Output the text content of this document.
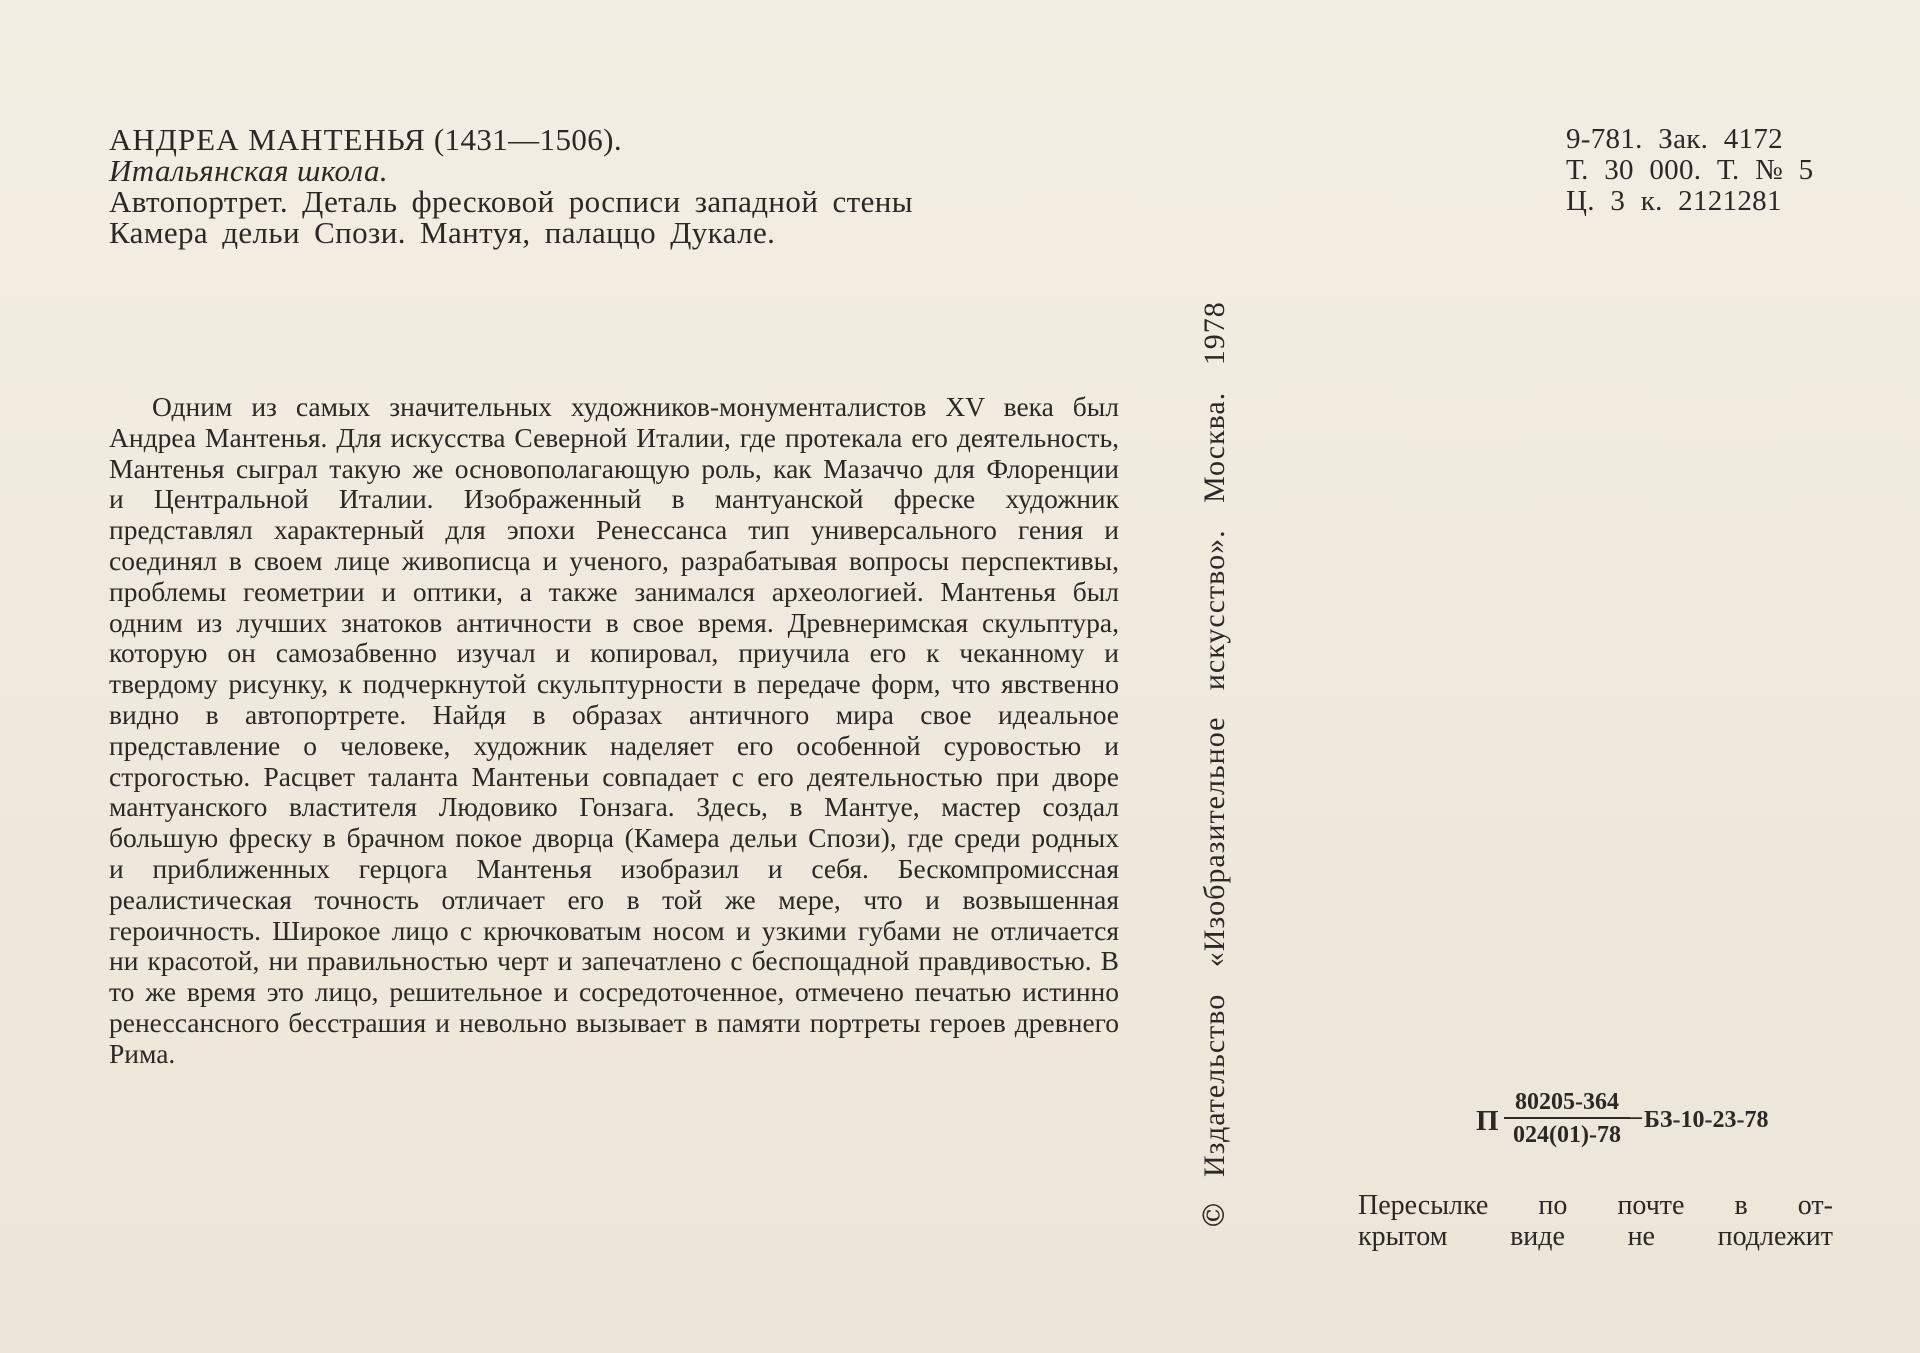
АНДРЕА МАНТЕНЬЯ (1431—1506).
Итальянская школа.
Автопортрет. Деталь фресковой росписи западной стены
Камера дельи Спози. Мантуя, палаццо Дукале.
9-781. Зак. 4172
Т. 30 000. Т. № 5
Ц. 3 к. 2121281
Одним из самых значительных художников-монументалистов XV века был Андреа Мантенья. Для искусства Северной Италии, где протекала его деятельность, Мантенья сыграл такую же основополагающую роль, как Мазаччо для Флоренции и Центральной Италии. Изображенный в мантуанской фреске художник представлял характерный для эпохи Ренессанса тип универсального гения и соединял в своем лице живописца и ученого, разрабатывая вопросы перспективы, проблемы геометрии и оптики, а также занимался археологией. Мантенья был одним из лучших знатоков античности в свое время. Древнеримская скульптура, которую он самозабвенно изучал и копировал, приучила его к чеканному и твердому рисунку, к подчеркнутой скульптурности в передаче форм, что явственно видно в автопортрете. Найдя в образах античного мира свое идеальное представление о человеке, художник наделяет его особенной суровостью и строгостью. Расцвет таланта Мантеньи совпадает с его деятельностью при дворе мантуанского властителя Людовико Гонзага. Здесь, в Мантуе, мастер создал большую фреску в брачном покое дворца (Камера дельи Спози), где среди родных и приближенных герцога Мантенья изобразил и себя. Бескомпромиссная реалистическая точность отличает его в той же мере, что и возвышенная героичность. Широкое лицо с крючковатым носом и узкими губами не отличается ни красотой, ни правильностью черт и запечатлено с беспощадной правдивостью. В то же время это лицо, решительное и сосредоточенное, отмечено печатью истинно ренессансного бесстрашия и невольно вызывает в памяти портреты героев древнего Рима.
©Издательство «Изобразительное искусство». Москва. 1978	П $\frac{80205-364}{024(01)-78} - БЗ-10-23-78$
Пересылке по почте в от-
крытом виде не подлежит
